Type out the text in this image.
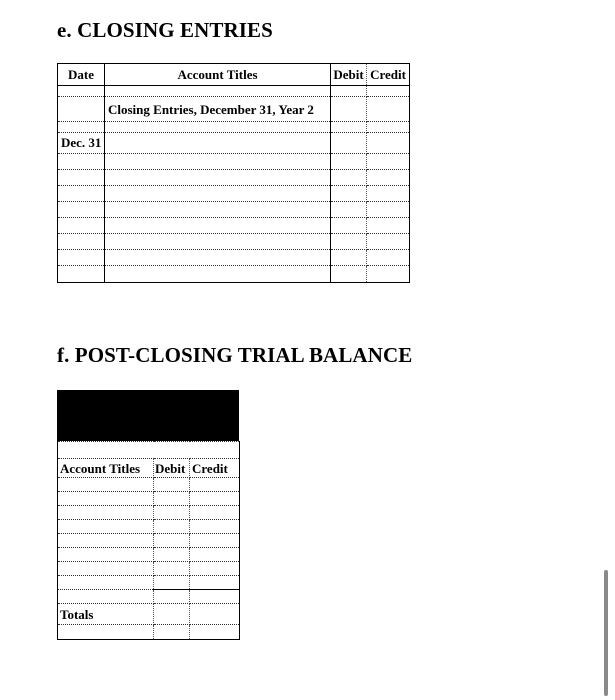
e. CLOSING ENTRIES
Date	Account Titles	Debit	Credit

	Closing Entries, December 31, Year 2		

Dec. 31			

f. POST-CLOSING TRIAL BALANCE

Account Titles	Debit	Credit

Totals		
